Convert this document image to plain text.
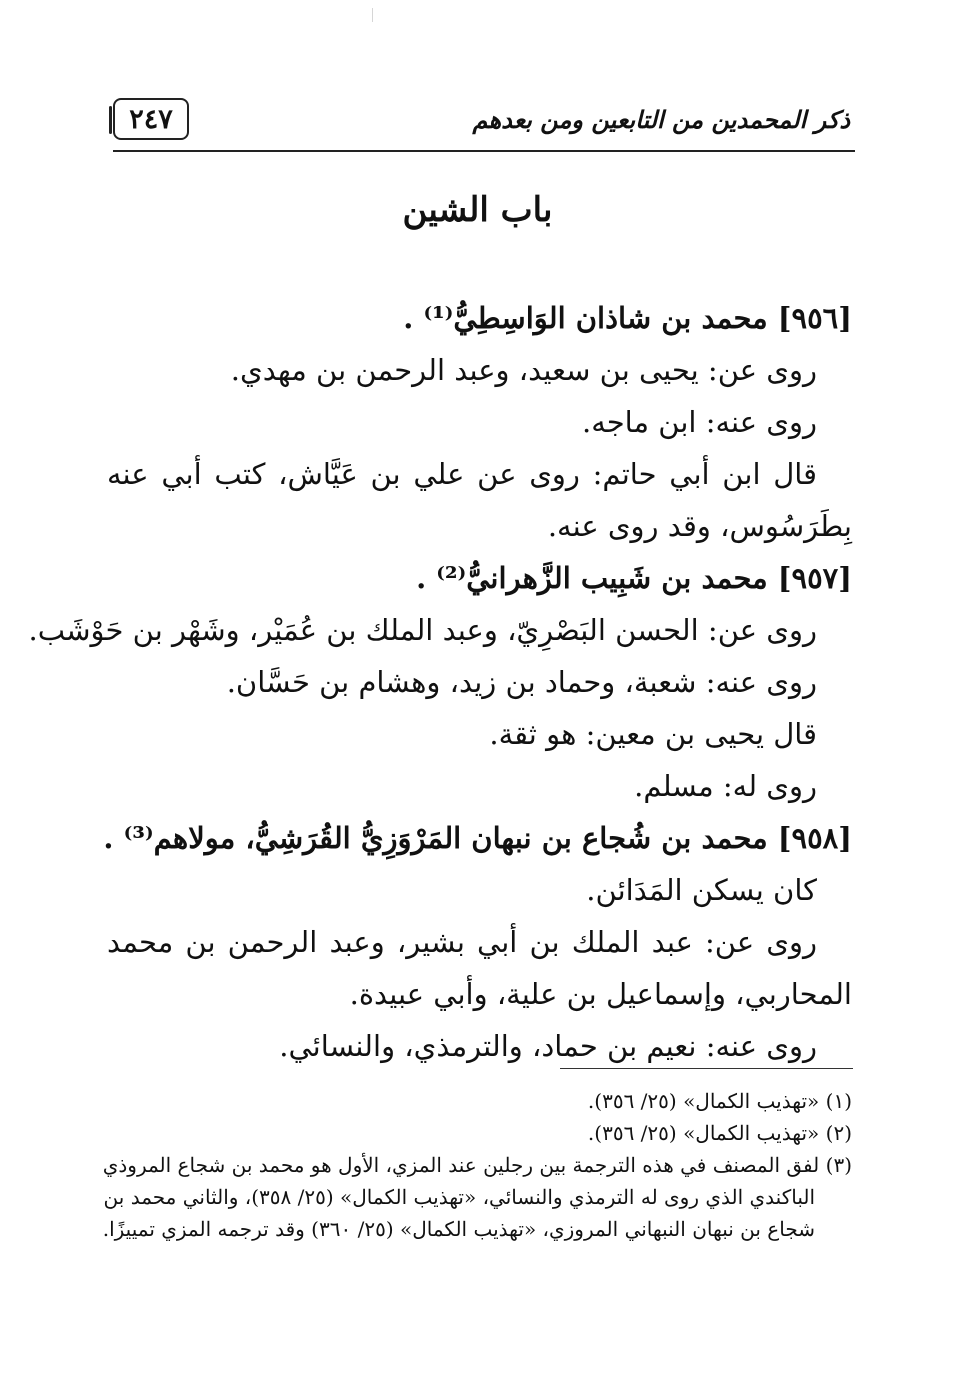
ذكر المحمدين من التابعين ومن بعدهم
٢٤٧
باب الشين
[٩٥٦] محمد بن شاذان الوَاسِطِيُّ⁽¹⁾ .
روى عن: يحيى بن سعيد، وعبد الرحمن بن مهدي.
روى عنه: ابن ماجه.
قال ابن أبي حاتم: روى عن علي بن عَيَّاش، كتب أبي عنه
بِطَرَسُوس، وقد روى عنه.
[٩٥٧] محمد بن شَبِيب الزَّهرانيُّ⁽²⁾ .
روى عن: الحسن البَصْرِيّ، وعبد الملك بن عُمَيْر، وشَهْر بن حَوْشَب.
روى عنه: شعبة، وحماد بن زيد، وهشام بن حَسَّان.
قال يحيى بن معين: هو ثقة.
روى له: مسلم.
[٩٥٨] محمد بن شُجاع بن نبهان المَرْوَزِيُّ القُرَشِيُّ، مولاهم⁽³⁾ .
كان يسكن المَدَائن.
روى عن: عبد الملك بن أبي بشير، وعبد الرحمن بن محمد
المحاربي، وإسماعيل بن علية، وأبي عبيدة.
روى عنه: نعيم بن حماد، والترمذي، والنسائي.
(١) «تهذيب الكمال» (٢٥/ ٣٥٦).
(٢) «تهذيب الكمال» (٢٥/ ٣٥٦).
(٣) لفق المصنف في هذه الترجمة بين رجلين عند المزي، الأول هو محمد بن شجاع المروذي
الباكندي الذي روى له الترمذي والنسائي، «تهذيب الكمال» (٢٥/ ٣٥٨)، والثاني محمد بن
شجاع بن نبهان النبهاني المروزي، «تهذيب الكمال» (٢٥/ ٣٦٠) وقد ترجمه المزي تمييزًا.
